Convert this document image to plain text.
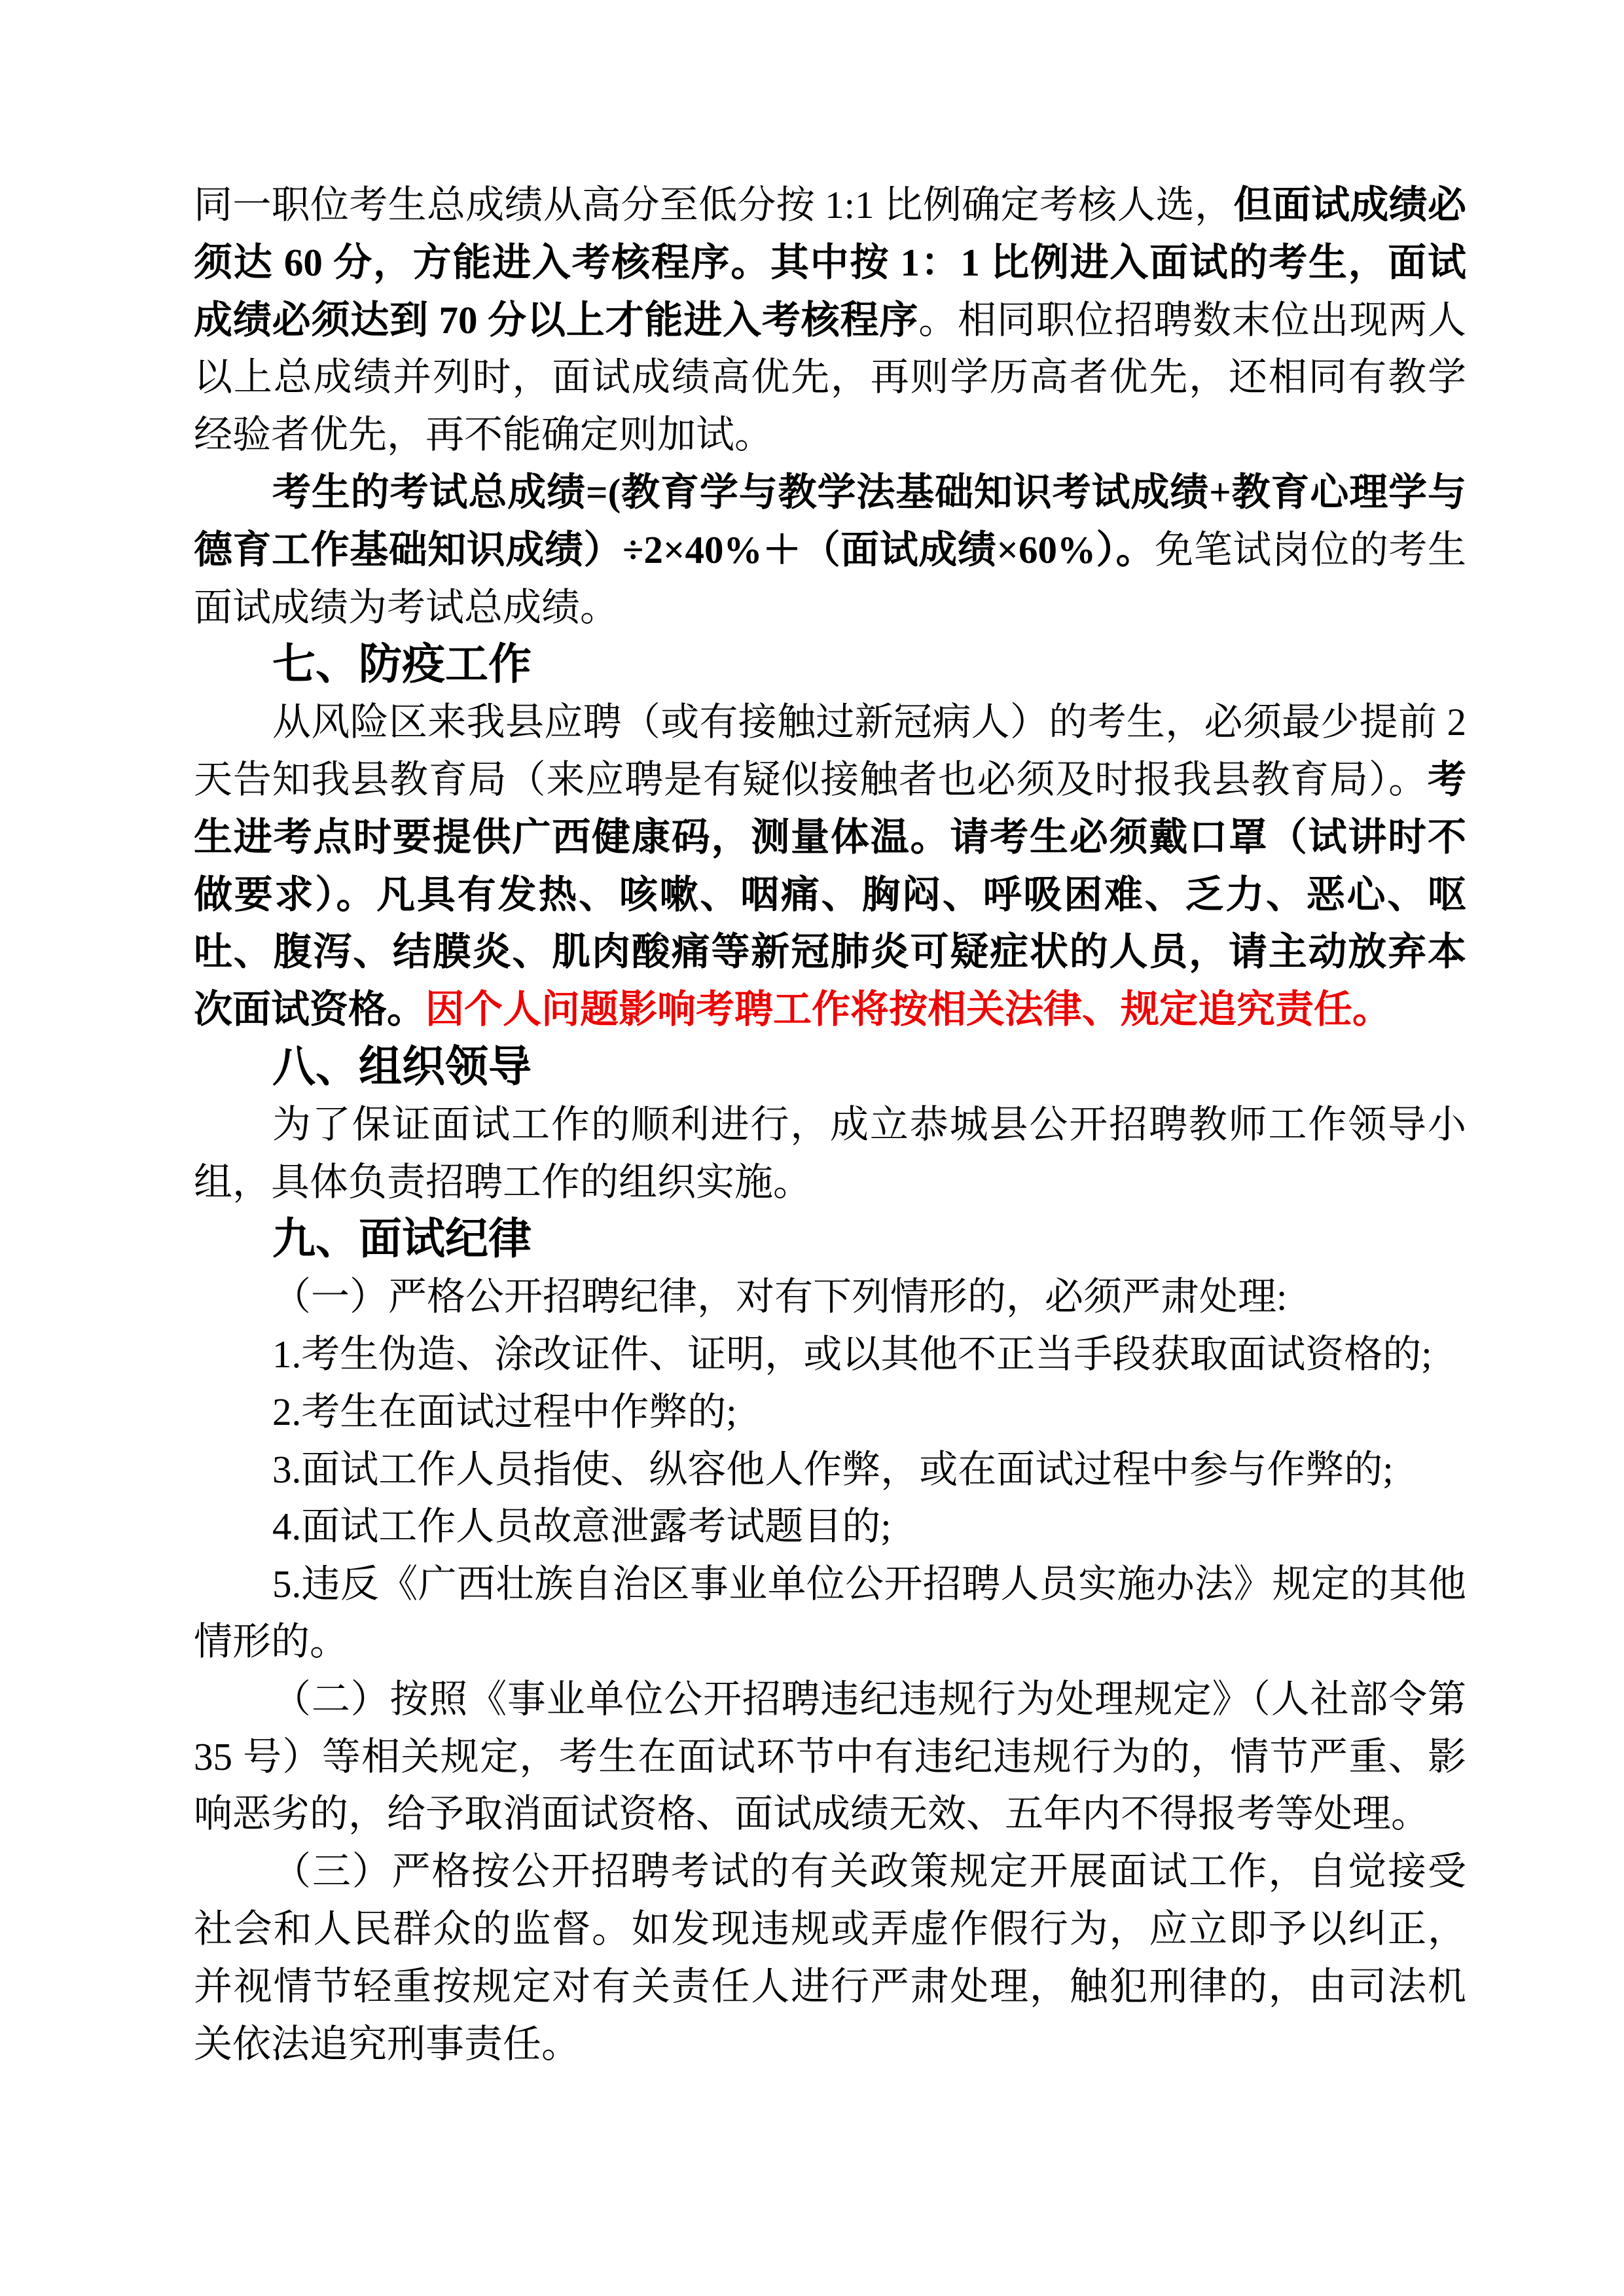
同一职位考生总成绩从高分至低分按 1:1 比例确定考核人选，但面试成绩必须达 60 分，方能进入考核程序。其中按 1：1 比例进入面试的考生，面试成绩必须达到 70 分以上才能进入考核程序。相同职位招聘数末位出现两人以上总成绩并列时，面试成绩高优先，再则学历高者优先，还相同有教学经验者优先，再不能确定则加试。

考生的考试总成绩=(教育学与教学法基础知识考试成绩+教育心理学与德育工作基础知识成绩）÷2×40%＋（面试成绩×60%）。免笔试岗位的考生面试成绩为考试总成绩。

七、防疫工作

从风险区来我县应聘（或有接触过新冠病人）的考生，必须最少提前 2 天告知我县教育局（来应聘是有疑似接触者也必须及时报我县教育局）。考生进考点时要提供广西健康码，测量体温。请考生必须戴口罩（试讲时不做要求）。凡具有发热、咳嗽、咽痛、胸闷、呼吸困难、乏力、恶心、呕吐、腹泻、结膜炎、肌肉酸痛等新冠肺炎可疑症状的人员，请主动放弃本次面试资格。因个人问题影响考聘工作将按相关法律、规定追究责任。

八、组织领导

为了保证面试工作的顺利进行，成立恭城县公开招聘教师工作领导小组，具体负责招聘工作的组织实施。

九、面试纪律

（一）严格公开招聘纪律，对有下列情形的，必须严肃处理:

1.考生伪造、涂改证件、证明，或以其他不正当手段获取面试资格的;

2.考生在面试过程中作弊的;

3.面试工作人员指使、纵容他人作弊，或在面试过程中参与作弊的;

4.面试工作人员故意泄露考试题目的;

5.违反《广西壮族自治区事业单位公开招聘人员实施办法》规定的其他情形的。

（二）按照《事业单位公开招聘违纪违规行为处理规定》（人社部令第 35 号）等相关规定，考生在面试环节中有违纪违规行为的，情节严重、影响恶劣的，给予取消面试资格、面试成绩无效、五年内不得报考等处理。

（三）严格按公开招聘考试的有关政策规定开展面试工作，自觉接受社会和人民群众的监督。如发现违规或弄虚作假行为，应立即予以纠正，并视情节轻重按规定对有关责任人进行严肃处理，触犯刑律的，由司法机关依法追究刑事责任。
